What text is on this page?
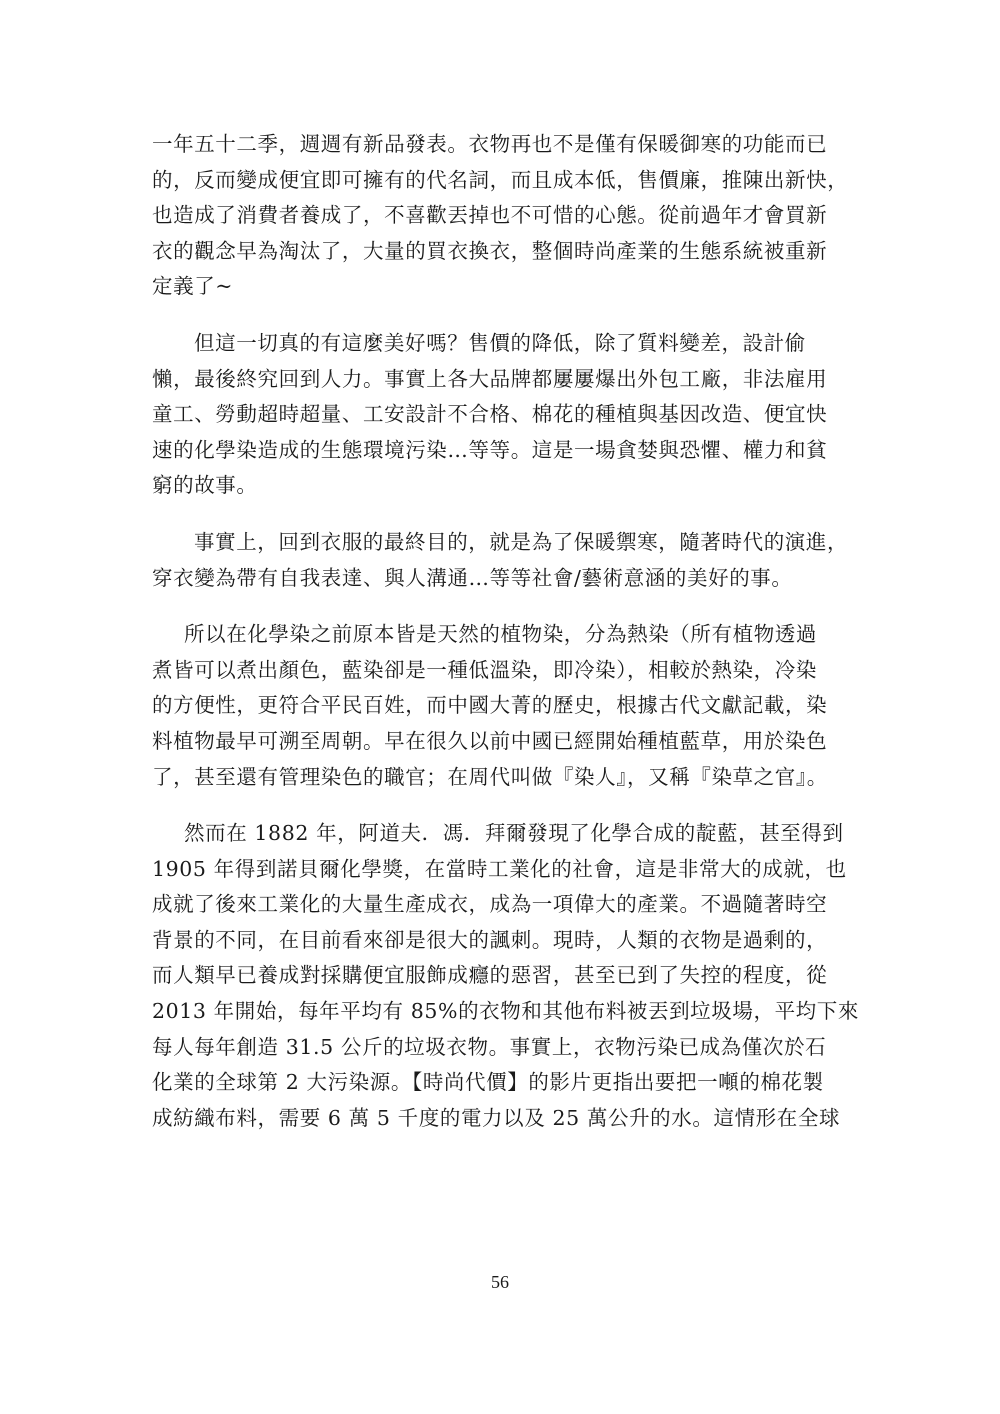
一年五十二季，週週有新品發表。衣物再也不是僅有保暖御寒的功能而已
的，反而變成便宜即可擁有的代名詞，而且成本低，售價廉，推陳出新快，
也造成了消費者養成了，不喜歡丟掉也不可惜的心態。從前過年才會買新
衣的觀念早為淘汰了，大量的買衣換衣，整個時尚產業的生態系統被重新
定義了~
但這一切真的有這麼美好嗎？售價的降低，除了質料變差，設計偷
懶，最後終究回到人力。事實上各大品牌都屢屢爆出外包工廠，非法雇用
童工、勞動超時超量、工安設計不合格、棉花的種植與基因改造、便宜快
速的化學染造成的生態環境污染…等等。這是一場貪婪與恐懼、權力和貧
窮的故事。
事實上，回到衣服的最終目的，就是為了保暖禦寒，隨著時代的演進，
穿衣變為帶有自我表達、與人溝通…等等社會/藝術意涵的美好的事。
所以在化學染之前原本皆是天然的植物染，分為熱染（所有植物透過
煮皆可以煮出顏色，藍染卻是一種低溫染，即冷染），相較於熱染，冷染
的方便性，更符合平民百姓，而中國大菁的歷史，根據古代文獻記載，染
料植物最早可溯至周朝。早在很久以前中國已經開始種植藍草，用於染色
了，甚至還有管理染色的職官；在周代叫做『染人』，又稱『染草之官』。
然而在 1882 年，阿道夫．馮．拜爾發現了化學合成的靛藍，甚至得到
1905 年得到諾貝爾化學獎，在當時工業化的社會，這是非常大的成就，也
成就了後來工業化的大量生產成衣，成為一項偉大的產業。不過隨著時空
背景的不同，在目前看來卻是很大的諷刺。現時，人類的衣物是過剩的，
而人類早已養成對採購便宜服飾成癮的惡習，甚至已到了失控的程度，從
2013 年開始，每年平均有 85%的衣物和其他布料被丟到垃圾場，平均下來
每人每年創造 31.5 公斤的垃圾衣物。事實上，衣物污染已成為僅次於石
化業的全球第 2 大污染源。【時尚代價】的影片更指出要把一噸的棉花製
成紡織布料，需要 6 萬 5 千度的電力以及 25 萬公升的水。這情形在全球
56
